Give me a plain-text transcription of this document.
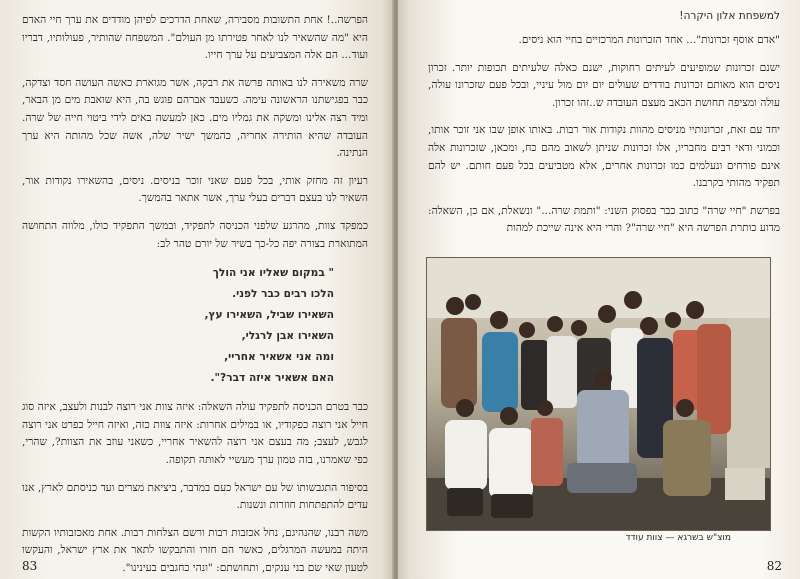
הפרשה..! אחת התשובות מסבירה, שאחת הדרכים לפיהן מודדים את ערך חיי האדם היא "מה שהשאיר לנו לאחר פטירתו מן העולם". המשפחה שהותיר, פעולותיו, דבריו ועוד... הם אלה המצביעים על ערך חייו.

שרה משאירה לנו באותה פרשה את רבקה, אשר מגוארת כאשה העושה חסד וצדקה, כבר בפגישתנו הראשונה עימה. כשעבד אברהם פוגש בה, היא שואבת מים מן הבאר, ומיד רצה אלינו ומשקה את גמליו מים. כאן למעשה באים לידי ביטוי חייה של שרה. העובדה שהיא הותירה אחריה, כהמשך ישיר שלה, אשה שכל מהותה היא ערך הנתינה.

רעיון זה מחזק אותי, בכל פעם שאני זוכר בניסים. ניסים, בהשאירו נקודות אור, השאיר לנו בעצם דברים בעלי ערך, אשר אתאר בהמשך.

כמפקד צוות, מהרגע שלפני הכניסה לתפקיד, ובמשך התפקיד כולו, מלווה התחושה המתוארת בצורה יפה כל-כך בשיר של יורם טהר לב:

" במקום שאליו אני הולך
הלכו רבים כבר לפני.
השאירו שביל, השאירו עץ,
השאירו אבן לרגלי,
ומה אני אשאיר אחריי,
האם אשאיר איזה דבר?".

כבר בטרם הכניסה לתפקיד עולה השאלה: איזה צוות אני רוצה לבנות ולעצב, איזה סוג חייל אני רוצה כפקודיו, או במילים אחרות: איזה צוות כזה, ואיזה חייל כפרט אני רוצה לגבש, לעצב; מה בעצם אני רוצה להשאיר אחריי, כשאני עוזב את הצוות?, שהרי, כפי שאמרנו, בזה טמון ערך מעשיי לאותה תקופה.

בסיפור התגבשותו של עם ישראל כעם במדבר, ביציאת מצרים ועד כניסתם לארץ, אנו עדים להתפתחות חוזרות ונשנות.

משה רבנו, שהנהיגם, נחל אכזבות רבות ורשם הצלחות רבות. אחת מאכזבותיו הקשות היתה במעשה המרגלים, כאשר הם חזרו והתבקשו לתאר את ארץ ישראל, והעקשו לטעון שאי שם בני ענקים, ותחושתם: "ונהי כחגבים בעינינו".

83

למשפחת אלון היקרה!

"אדם אוסף זכרונות"... אחד הזכרונות המרכזיים בחיי הוא ניסים.

ישנם זכרונות שמופיעים לעיתים רחוקות, ישנם כאלה שלעיתים תכופות יותר. זכרון ניסים הוא מאותם זכרונות בודדים שעולים יום יום מול עיניי, ובכל פעם שזכרונו עולה, עולה ומציפה תחושת הכאב מעצם העובדה ש..זהו זכרון.

יחד עם זאת, זכרונותיי מניסים מהוות נקודות אור רבות. באותו אופן שבו אני זוכר אותו, וכמוני ודאי רבים מחבריו, אלו זכרונות שניתן לשאוב מהם כח, ומכאן, שזכרונות אלה אינם פורחים ונעלמים כמו זכרונות אחרים, אלא מטביעים בכל פעם חותם. יש להם תפקיד מהותי בקרבנו.

בפרשת "חיי שרה" כתוב כבר בפסוק השני: "ותמת שרה..." ונשאלת, אם כן, השאלה: מדוע כותרת הפרשה היא "חיי שרה"? והרי היא אינה שייכת למהות

מוצ"ש בשרגא — צוות עודד
82
